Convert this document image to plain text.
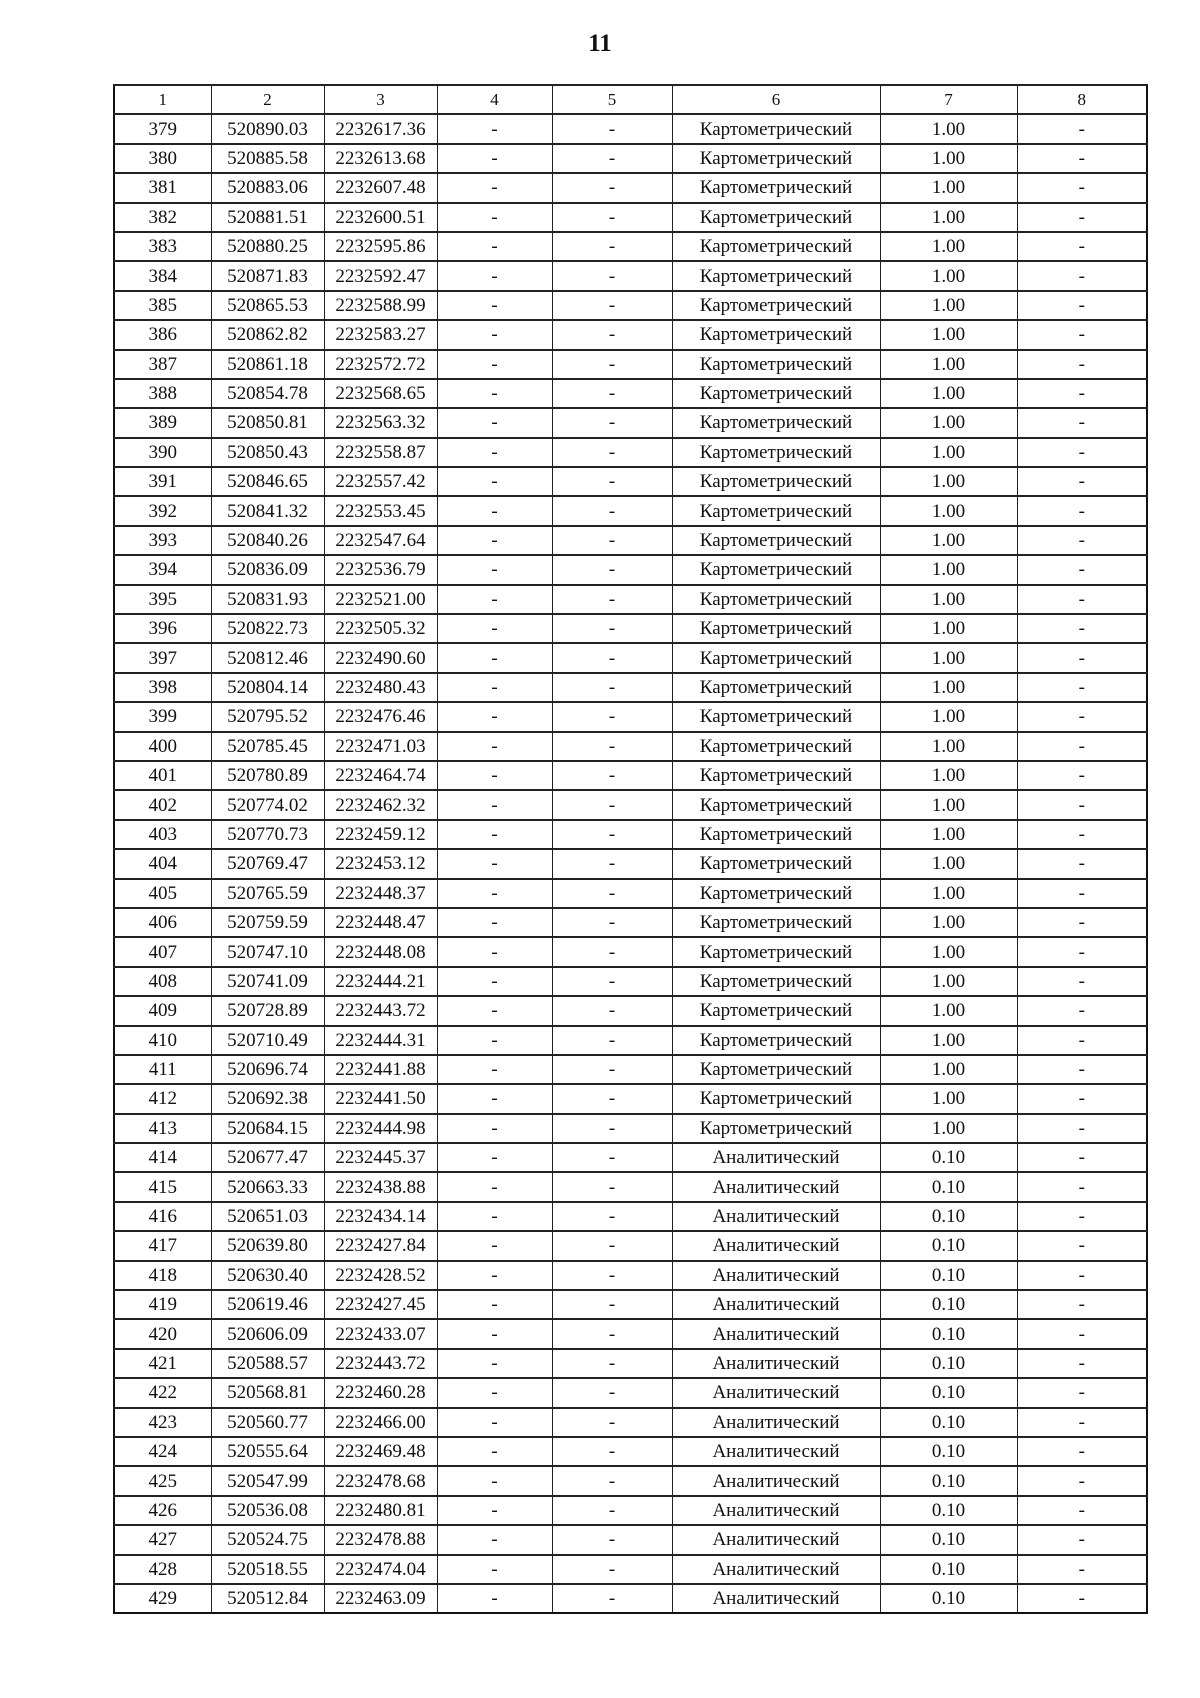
11
1	2	3	4	5	6	7	8
379	520890.03	2232617.36	-	-	Картометрический	1.00	-
380	520885.58	2232613.68	-	-	Картометрический	1.00	-
381	520883.06	2232607.48	-	-	Картометрический	1.00	-
382	520881.51	2232600.51	-	-	Картометрический	1.00	-
383	520880.25	2232595.86	-	-	Картометрический	1.00	-
384	520871.83	2232592.47	-	-	Картометрический	1.00	-
385	520865.53	2232588.99	-	-	Картометрический	1.00	-
386	520862.82	2232583.27	-	-	Картометрический	1.00	-
387	520861.18	2232572.72	-	-	Картометрический	1.00	-
388	520854.78	2232568.65	-	-	Картометрический	1.00	-
389	520850.81	2232563.32	-	-	Картометрический	1.00	-
390	520850.43	2232558.87	-	-	Картометрический	1.00	-
391	520846.65	2232557.42	-	-	Картометрический	1.00	-
392	520841.32	2232553.45	-	-	Картометрический	1.00	-
393	520840.26	2232547.64	-	-	Картометрический	1.00	-
394	520836.09	2232536.79	-	-	Картометрический	1.00	-
395	520831.93	2232521.00	-	-	Картометрический	1.00	-
396	520822.73	2232505.32	-	-	Картометрический	1.00	-
397	520812.46	2232490.60	-	-	Картометрический	1.00	-
398	520804.14	2232480.43	-	-	Картометрический	1.00	-
399	520795.52	2232476.46	-	-	Картометрический	1.00	-
400	520785.45	2232471.03	-	-	Картометрический	1.00	-
401	520780.89	2232464.74	-	-	Картометрический	1.00	-
402	520774.02	2232462.32	-	-	Картометрический	1.00	-
403	520770.73	2232459.12	-	-	Картометрический	1.00	-
404	520769.47	2232453.12	-	-	Картометрический	1.00	-
405	520765.59	2232448.37	-	-	Картометрический	1.00	-
406	520759.59	2232448.47	-	-	Картометрический	1.00	-
407	520747.10	2232448.08	-	-	Картометрический	1.00	-
408	520741.09	2232444.21	-	-	Картометрический	1.00	-
409	520728.89	2232443.72	-	-	Картометрический	1.00	-
410	520710.49	2232444.31	-	-	Картометрический	1.00	-
411	520696.74	2232441.88	-	-	Картометрический	1.00	-
412	520692.38	2232441.50	-	-	Картометрический	1.00	-
413	520684.15	2232444.98	-	-	Картометрический	1.00	-
414	520677.47	2232445.37	-	-	Аналитический	0.10	-
415	520663.33	2232438.88	-	-	Аналитический	0.10	-
416	520651.03	2232434.14	-	-	Аналитический	0.10	-
417	520639.80	2232427.84	-	-	Аналитический	0.10	-
418	520630.40	2232428.52	-	-	Аналитический	0.10	-
419	520619.46	2232427.45	-	-	Аналитический	0.10	-
420	520606.09	2232433.07	-	-	Аналитический	0.10	-
421	520588.57	2232443.72	-	-	Аналитический	0.10	-
422	520568.81	2232460.28	-	-	Аналитический	0.10	-
423	520560.77	2232466.00	-	-	Аналитический	0.10	-
424	520555.64	2232469.48	-	-	Аналитический	0.10	-
425	520547.99	2232478.68	-	-	Аналитический	0.10	-
426	520536.08	2232480.81	-	-	Аналитический	0.10	-
427	520524.75	2232478.88	-	-	Аналитический	0.10	-
428	520518.55	2232474.04	-	-	Аналитический	0.10	-
429	520512.84	2232463.09	-	-	Аналитический	0.10	-
